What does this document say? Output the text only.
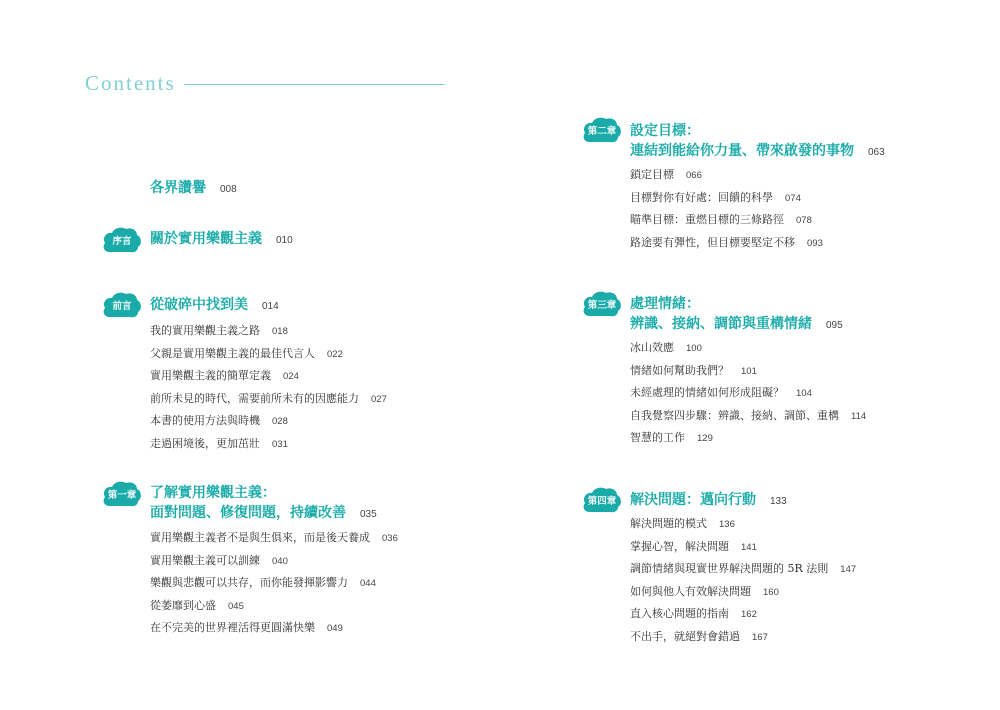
Contents
各界讚譽 008
序言	關於實用樂觀主義 010
前言	從破碎中找到美 014
我的實用樂觀主義之路 018
父親是實用樂觀主義的最佳代言人 022
實用樂觀主義的簡單定義 024
前所未見的時代，需要前所未有的因應能力 027
本書的使用方法與時機 028
走過困境後，更加茁壯 031
第一章 了解實用樂觀主義：
面對問題、修復問題，持續改善 035
實用樂觀主義者不是與生俱來，而是後天養成 036
實用樂觀主義可以訓練 040
樂觀與悲觀可以共存，而你能發揮影響力 044
從萎靡到心盛 045
在不完美的世界裡活得更圓滿快樂 049
第二章 設定目標：
連結到能給你力量、帶來啟發的事物 063
鎖定目標 066
目標對你有好處：回饋的科學 074
瞄準目標：重燃目標的三條路徑 078
路途要有彈性，但目標要堅定不移 093
第三章 處理情緒：
辨識、接納、調節與重構情緒 095
冰山效應 100
情緒如何幫助我們？ 101
未經處理的情緒如何形成阻礙？ 104
自我覺察四步驟：辨識、接納、調節、重構 114
智慧的工作 129
第四章 解決問題：邁向行動 133
解決問題的模式 136
掌握心智，解決問題 141
調節情緒與現實世界解決問題的 5R 法則 147
如何與他人有效解決問題 160
直入核心問題的指南 162
不出手，就絕對會錯過 167
